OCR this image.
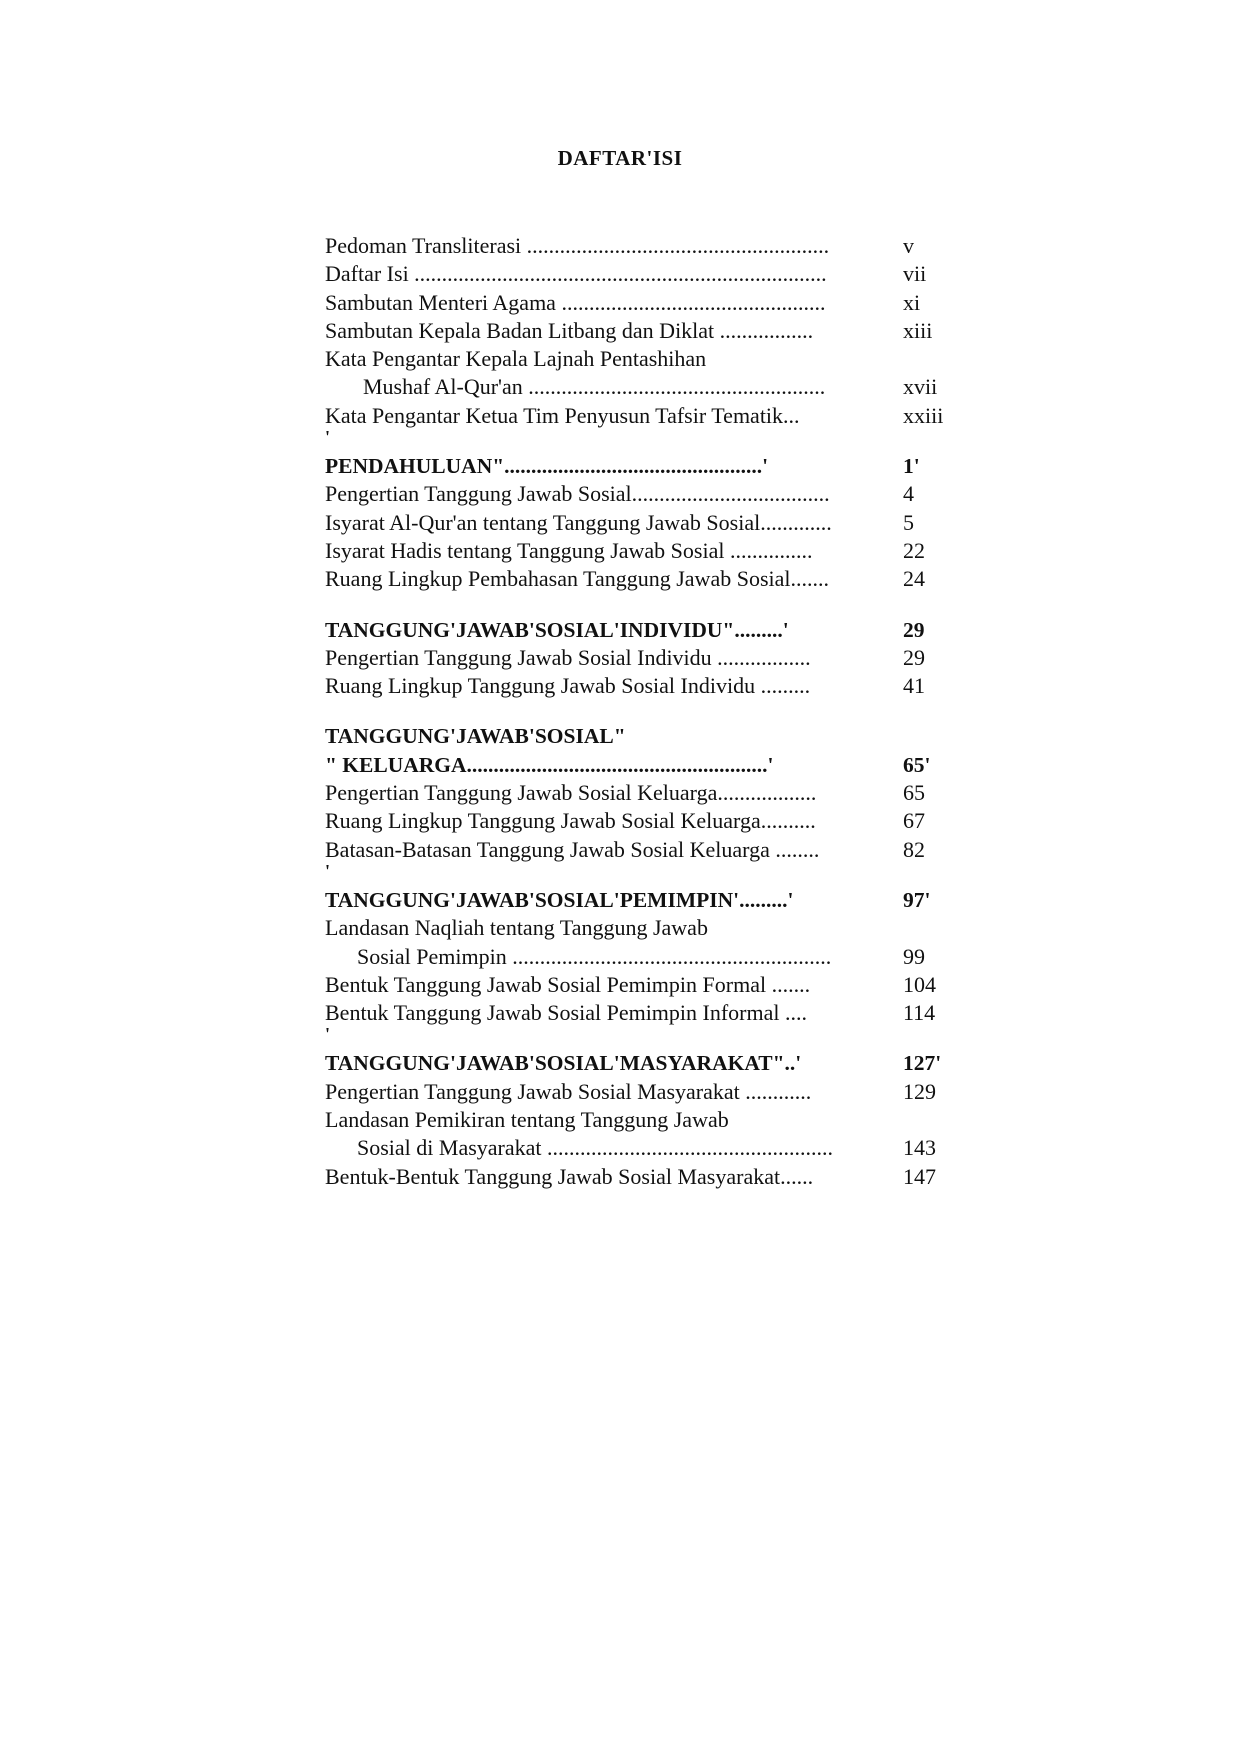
DAFTAR'ISI
Pedoman Transliterasi .......................................................	v
Daftar Isi ...........................................................................	vii
Sambutan Menteri Agama ................................................	xi
Sambutan Kepala Badan Litbang dan Diklat .................	xiii
Kata Pengantar Kepala Lajnah Pentashihan
Mushaf Al-Qur'an ......................................................	xvii
Kata Pengantar Ketua Tim Penyusun Tafsir Tematik...	xxiii
'
PENDAHULUAN"................................................'	1'
Pengertian Tanggung Jawab Sosial....................................	4
Isyarat Al-Qur'an tentang Tanggung Jawab Sosial.............	5
Isyarat Hadis tentang Tanggung Jawab Sosial ...............	22
Ruang Lingkup Pembahasan Tanggung Jawab Sosial.......	24
TANGGUNG'JAWAB'SOSIAL'INDIVIDU".........'	29
Pengertian Tanggung Jawab Sosial Individu .................	29
Ruang Lingkup Tanggung Jawab Sosial Individu .........	41
TANGGUNG'JAWAB'SOSIAL"
" KELUARGA........................................................'	65'
Pengertian Tanggung Jawab Sosial Keluarga..................	65
Ruang Lingkup Tanggung Jawab Sosial Keluarga..........	67
Batasan-Batasan Tanggung Jawab Sosial Keluarga ........	82
'
TANGGUNG'JAWAB'SOSIAL'PEMIMPIN'.........'	97'
Landasan Naqliah tentang Tanggung Jawab
Sosial Pemimpin ..........................................................	99
Bentuk Tanggung Jawab Sosial Pemimpin Formal .......	104
Bentuk Tanggung Jawab Sosial Pemimpin Informal ....	114
'
TANGGUNG'JAWAB'SOSIAL'MASYARAKAT"..'	127'
Pengertian Tanggung Jawab Sosial Masyarakat ............	129
Landasan Pemikiran tentang Tanggung Jawab
Sosial di Masyarakat ....................................................	143
Bentuk-Bentuk Tanggung Jawab Sosial Masyarakat......	147
